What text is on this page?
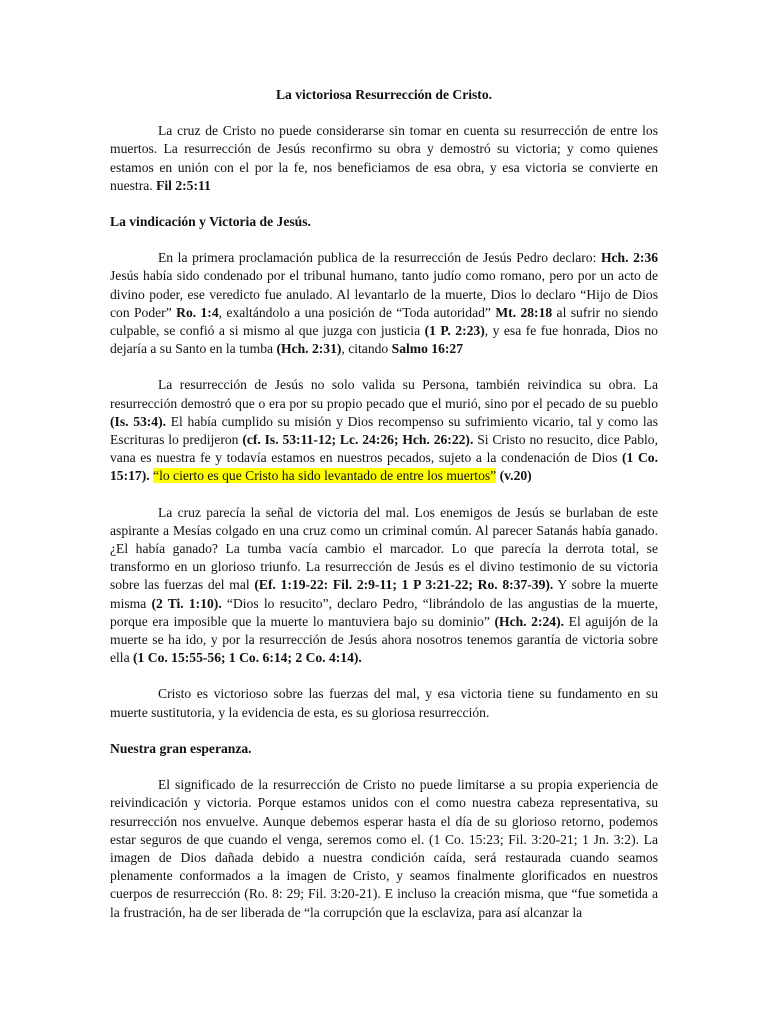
La victoriosa Resurrección de Cristo.

La cruz de Cristo no puede considerarse sin tomar en cuenta su resurrección de entre los muertos. La resurrección de Jesús reconfirmo su obra y demostró su victoria; y como quienes estamos en unión con el por la fe, nos beneficiamos de esa obra, y esa victoria se convierte en nuestra. Fil 2:5:11

La vindicación y Victoria de Jesús.

En la primera proclamación publica de la resurrección de Jesús Pedro declaro: Hch. 2:36 Jesús había sido condenado por el tribunal humano, tanto judío como romano, pero por un acto de divino poder, ese veredicto fue anulado. Al levantarlo de la muerte, Dios lo declaro “Hijo de Dios con Poder” Ro. 1:4, exaltándolo a una posición de “Toda autoridad” Mt. 28:18 al sufrir no siendo culpable, se confió a si mismo al que juzga con justicia (1 P. 2:23), y esa fe fue honrada, Dios no dejaría a su Santo en la tumba (Hch. 2:31), citando Salmo 16:27

La resurrección de Jesús no solo valida su Persona, también reivindica su obra. La resurrección demostró que o era por su propio pecado que el murió, sino por el pecado de su pueblo (Is. 53:4). El había cumplido su misión y Dios recompenso su sufrimiento vicario, tal y como las Escrituras lo predijeron (cf. Is. 53:11-12; Lc. 24:26; Hch. 26:22). Si Cristo no resucito, dice Pablo, vana es nuestra fe y todavía estamos en nuestros pecados, sujeto a la condenación de Dios (1 Co. 15:17). “lo cierto es que Cristo ha sido levantado de entre los muertos” (v.20)

La cruz parecía la señal de victoria del mal. Los enemigos de Jesús se burlaban de este aspirante a Mesías colgado en una cruz como un criminal común. Al parecer Satanás había ganado. ¿El había ganado? La tumba vacía cambio el marcador. Lo que parecía la derrota total, se transformo en un glorioso triunfo. La resurrección de Jesús es el divino testimonio de su victoria sobre las fuerzas del mal (Ef. 1:19-22: Fil. 2:9-11; 1 P 3:21-22; Ro. 8:37-39). Y sobre la muerte misma (2 Ti. 1:10). “Dios lo resucito”, declaro Pedro, “librándolo de las angustias de la muerte, porque era imposible que la muerte lo mantuviera bajo su dominio” (Hch. 2:24). El aguijón de la muerte se ha ido, y por la resurrección de Jesús ahora nosotros tenemos garantía de victoria sobre ella (1 Co. 15:55-56; 1 Co. 6:14; 2 Co. 4:14).

Cristo es victorioso sobre las fuerzas del mal, y esa victoria tiene su fundamento en su muerte sustitutoria, y la evidencia de esta, es su gloriosa resurrección.

Nuestra gran esperanza.

El significado de la resurrección de Cristo no puede limitarse a su propia experiencia de reivindicación y victoria. Porque estamos unidos con el como nuestra cabeza representativa, su resurrección nos envuelve. Aunque debemos esperar hasta el día de su glorioso retorno, podemos estar seguros de que cuando el venga, seremos como el. (1 Co. 15:23; Fil. 3:20-21; 1 Jn. 3:2). La imagen de Dios dañada debido a nuestra condición caída, será restaurada cuando seamos plenamente conformados a la imagen de Cristo, y seamos finalmente glorificados en nuestros cuerpos de resurrección (Ro. 8: 29; Fil. 3:20-21). E incluso la creación misma, que “fue sometida a la frustración, ha de ser liberada de “la corrupción que la esclaviza, para así alcanzar la
